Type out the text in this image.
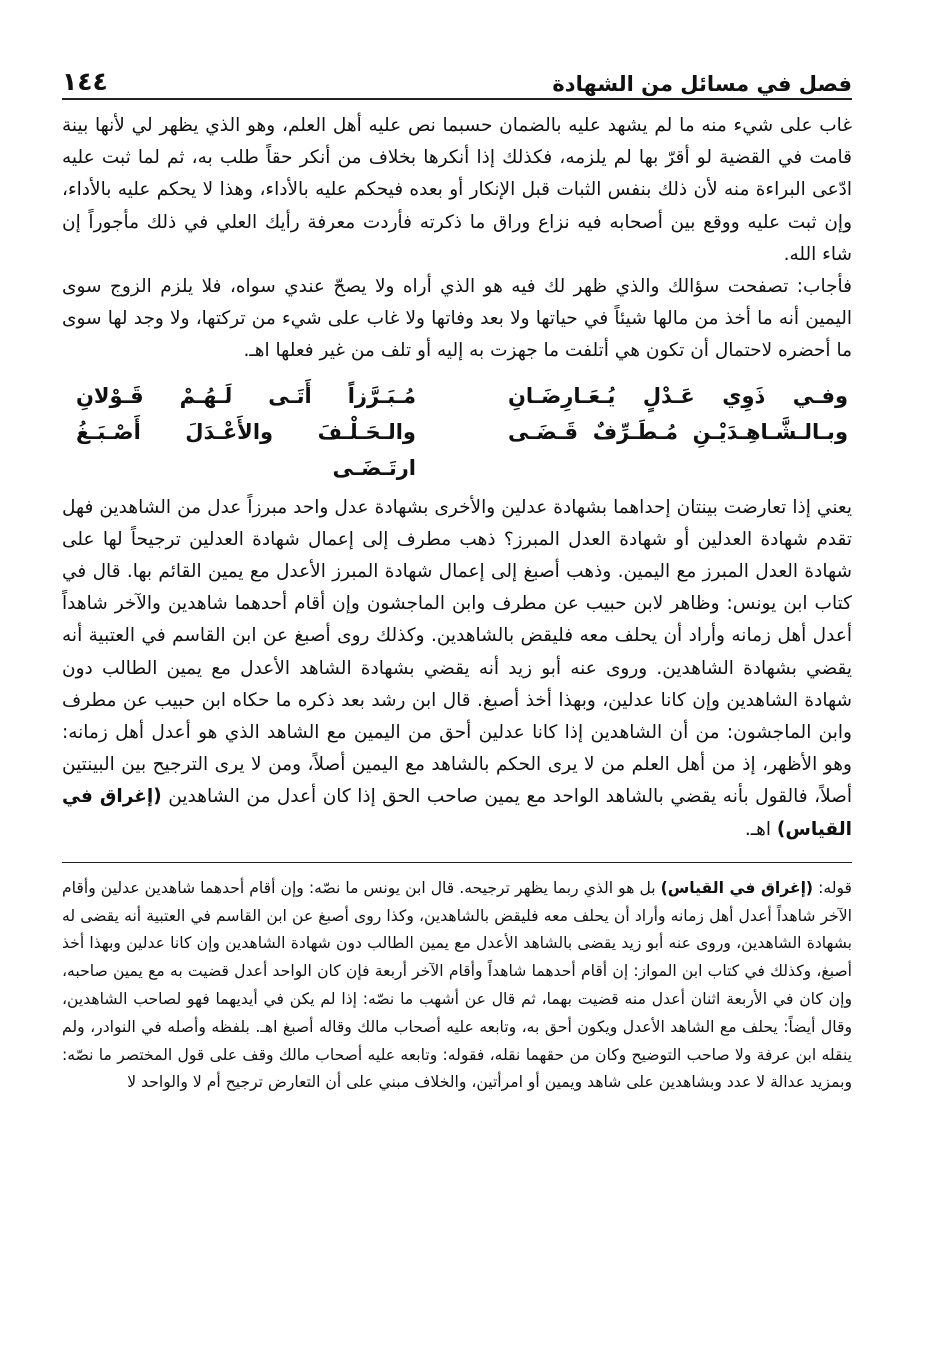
فصل في مسائل من الشهادة
١٤٤

غاب على شيء منه ما لم يشهد عليه بالضمان حسبما نص عليه أهل العلم، وهو الذي يظهر لي لأنها بينة قامت في القضية لو أقرّ بها لم يلزمه، فكذلك إذا أنكرها بخلاف من أنكر حقاً طلب به، ثم لما ثبت عليه ادّعى البراءة منه لأن ذلك بنفس الثبات قبل الإنكار أو بعده فيحكم عليه بالأداء، وهذا لا يحكم عليه بالأداء، وإن ثبت عليه ووقع بين أصحابه فيه نزاع وراق ما ذكرته فأردت معرفة رأيك العلي في ذلك مأجوراً إن شاء الله.

فأجاب: تصفحت سؤالك والذي ظهر لك فيه هو الذي أراه ولا يصحّ عندي سواه، فلا يلزم الزوج سوى اليمين أنه ما أخذ من مالها شيئاً في حياتها ولا بعد وفاتها ولا غاب على شيء من تركتها، ولا وجد لها سوى ما أحضره لاحتمال أن تكون هي أتلفت ما جهزت به إليه أو تلف من غير فعلها اهـ.

وفـي ذَوِي عَـدْلٍ يُـعَـارِضَـانِ
مُـبَـرَّزاً أَتَـى لَـهُـمْ قَـوْلانِ
وبـالـشَّـاهِـدَيْـنِ مُـطَـرِّفٌ قَـضَـى
والـحَـلْـفَ والأَعْـدَلَ أَصْـبَـغُ ارتَـضَـى

يعني إذا تعارضت بينتان إحداهما بشهادة عدلين والأخرى بشهادة عدل واحد مبرزاً عدل من الشاهدين فهل تقدم شهادة العدلين أو شهادة العدل المبرز؟ ذهب مطرف إلى إعمال شهادة العدلين ترجيحاً لها على شهادة العدل المبرز مع اليمين. وذهب أصبغ إلى إعمال شهادة المبرز الأعدل مع يمين القائم بها. قال في كتاب ابن يونس: وظاهر لابن حبيب عن مطرف وابن الماجشون وإن أقام أحدهما شاهدين والآخر شاهداً أعدل أهل زمانه وأراد أن يحلف معه فليقض بالشاهدين. وكذلك روى أصبغ عن ابن القاسم في العتبية أنه يقضي بشهادة الشاهدين. وروى عنه أبو زيد أنه يقضي بشهادة الشاهد الأعدل مع يمين الطالب دون شهادة الشاهدين وإن كانا عدلين، وبهذا أخذ أصبغ. قال ابن رشد بعد ذكره ما حكاه ابن حبيب عن مطرف وابن الماجشون: من أن الشاهدين إذا كانا عدلين أحق من اليمين مع الشاهد الذي هو أعدل أهل زمانه: وهو الأظهر، إذ من أهل العلم من لا يرى الحكم بالشاهد مع اليمين أصلاً، ومن لا يرى الترجيح بين البينتين أصلاً، فالقول بأنه يقضي بالشاهد الواحد مع يمين صاحب الحق إذا كان أعدل من الشاهدين (إغراق في القياس) اهـ.

قوله: (إغراق في القياس) بل هو الذي ربما يظهر ترجيحه. قال ابن يونس ما نصّه: وإن أقام أحدهما شاهدين عدلين وأقام الآخر شاهداً أعدل أهل زمانه وأراد أن يحلف معه فليقض بالشاهدين، وكذا روى أصبغ عن ابن القاسم في العتبية أنه يقضى له بشهادة الشاهدين، وروى عنه أبو زيد يقضى بالشاهد الأعدل مع يمين الطالب دون شهادة الشاهدين وإن كانا عدلين وبهذا أخذ أصبغ، وكذلك في كتاب ابن المواز: إن أقام أحدهما شاهداً وأقام الآخر أربعة فإن كان الواحد أعدل قضيت به مع يمين صاحبه، وإن كان في الأربعة اثنان أعدل منه قضيت بهما، ثم قال عن أشهب ما نصّه: إذا لم يكن في أيديهما فهو لصاحب الشاهدين، وقال أيضاً: يحلف مع الشاهد الأعدل ويكون أحق به، وتابعه عليه أصحاب مالك وقاله أصبغ اهـ. بلفظه وأصله في النوادر، ولم ينقله ابن عرفة ولا صاحب التوضيح وكان من حقهما نقله، فقوله: وتابعه عليه أصحاب مالك وقف على قول المختصر ما نصّه: وبمزيد عدالة لا عدد وبشاهدين على شاهد ويمين أو امرأتين، والخلاف مبني على أن التعارض ترجيح أم لا والواحد لا
